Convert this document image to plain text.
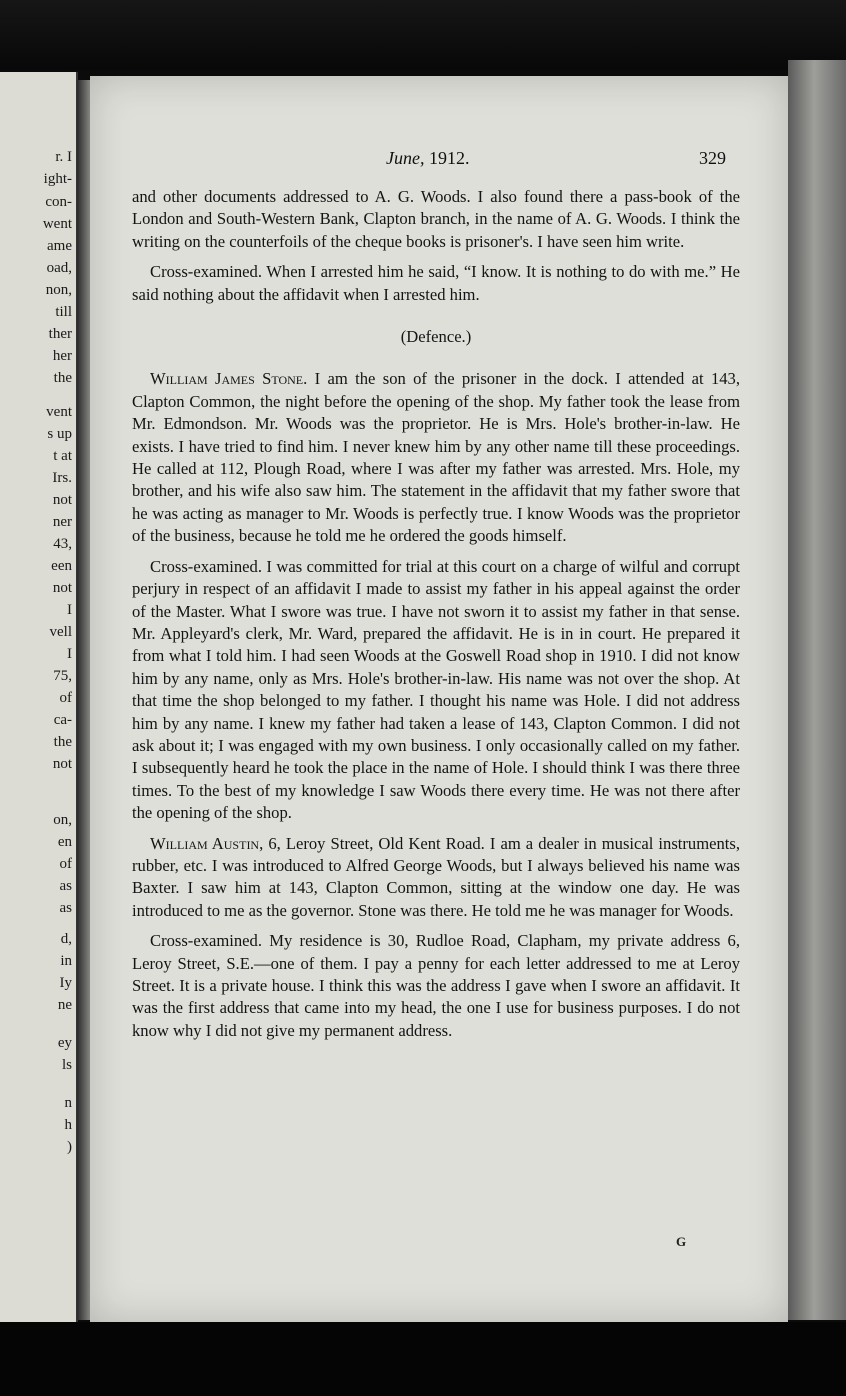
r. I
ight-
con-
went
ame
oad,
non,
till
ther
her
the
vent
s up
t at
Irs.
not
ner
43,
een
not
I
vell
I
75,
of
ca-
the
not
on,
en
of
as
as
d,
in
Iy
ne
ey
ls
n
h
)
June, 1912.	329

and other documents addressed to A. G. Woods. I also found there a pass-book of the London and South-Western Bank, Clapton branch, in the name of A. G. Woods. I think the writing on the counterfoils of the cheque books is prisoner's. I have seen him write.

Cross-examined. When I arrested him he said, “I know. It is nothing to do with me.” He said nothing about the affidavit when I arrested him.

(Defence.)

William James Stone. I am the son of the prisoner in the dock. I attended at 143, Clapton Common, the night before the opening of the shop. My father took the lease from Mr. Edmondson. Mr. Woods was the proprietor. He is Mrs. Hole's brother-in-law. He exists. I have tried to find him. I never knew him by any other name till these proceedings. He called at 112, Plough Road, where I was after my father was arrested. Mrs. Hole, my brother, and his wife also saw him. The statement in the affidavit that my father swore that he was acting as manager to Mr. Woods is perfectly true. I know Woods was the proprietor of the business, because he told me he ordered the goods himself.

Cross-examined. I was committed for trial at this court on a charge of wilful and corrupt perjury in respect of an affidavit I made to assist my father in his appeal against the order of the Master. What I swore was true. I have not sworn it to assist my father in that sense. Mr. Appleyard's clerk, Mr. Ward, prepared the affidavit. He is in in court. He prepared it from what I told him. I had seen Woods at the Goswell Road shop in 1910. I did not know him by any name, only as Mrs. Hole's brother-in-law. His name was not over the shop. At that time the shop belonged to my father. I thought his name was Hole. I did not address him by any name. I knew my father had taken a lease of 143, Clapton Common. I did not ask about it; I was engaged with my own business. I only occasionally called on my father. I subsequently heard he took the place in the name of Hole. I should think I was there three times. To the best of my knowledge I saw Woods there every time. He was not there after the opening of the shop.

William Austin, 6, Leroy Street, Old Kent Road. I am a dealer in musical instruments, rubber, etc. I was introduced to Alfred George Woods, but I always believed his name was Baxter. I saw him at 143, Clapton Common, sitting at the window one day. He was introduced to me as the governor. Stone was there. He told me he was manager for Woods.

Cross-examined. My residence is 30, Rudloe Road, Clapham, my private address 6, Leroy Street, S.E.—one of them. I pay a penny for each letter addressed to me at Leroy Street. It is a private house. I think this was the address I gave when I swore an affidavit. It was the first address that came into my head, the one I use for business purposes. I do not know why I did not give my permanent address.

G
